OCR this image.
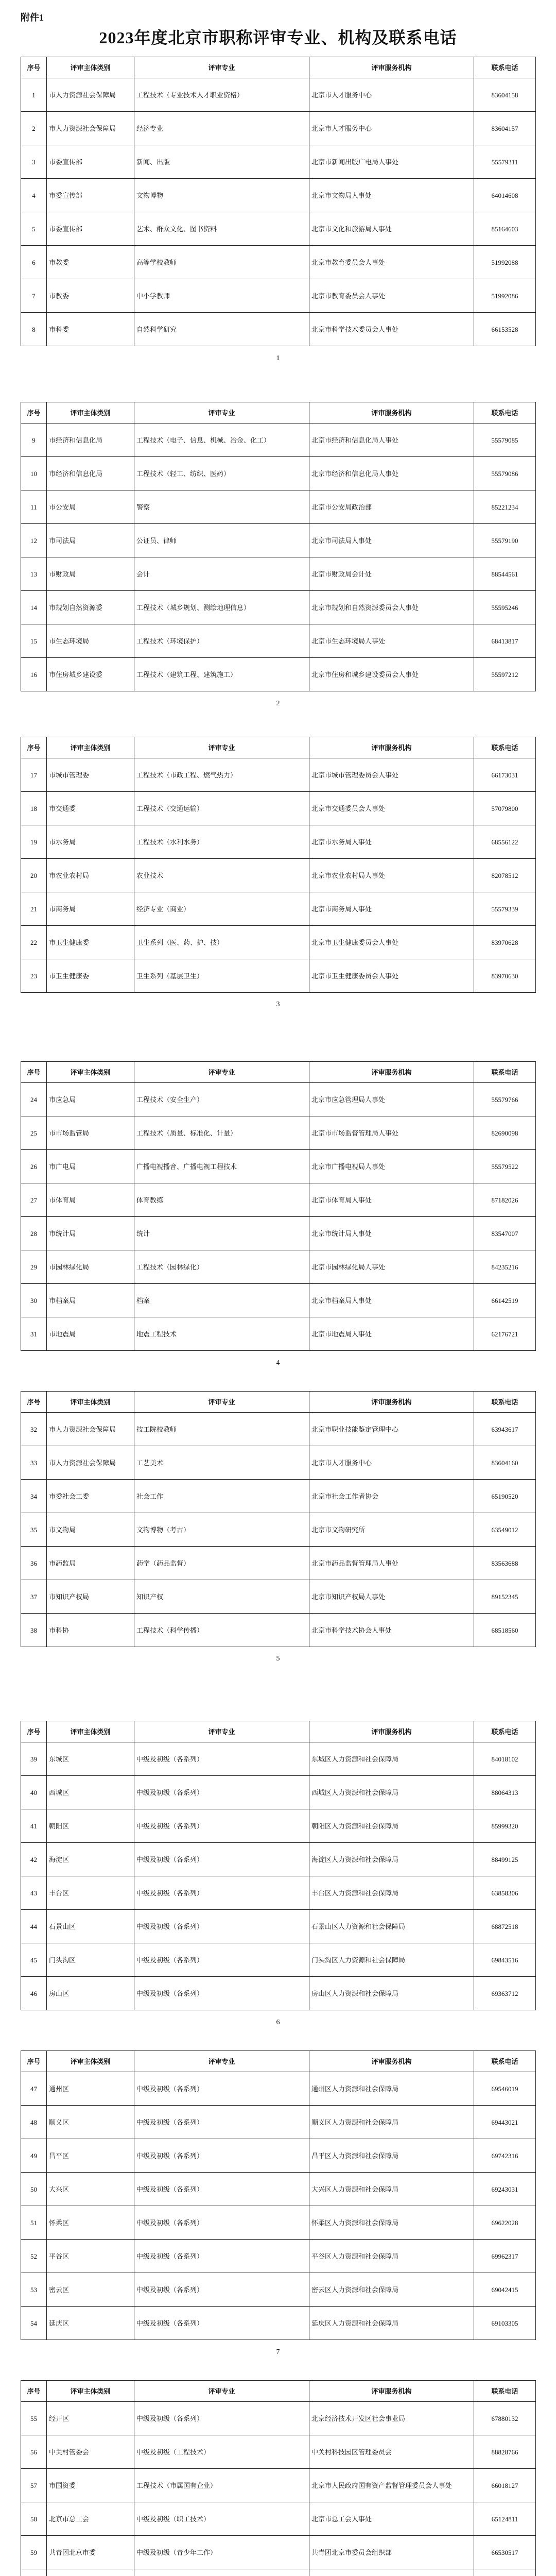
附件1
2023年度北京市职称评审专业、机构及联系电话
序号	评审主体类别	评审专业	评审服务机构	联系电话
1	市人力资源社会保障局	工程技术（专业技术人才职业资格）	北京市人才服务中心	83604158
2	市人力资源社会保障局	经济专业	北京市人才服务中心	83604157
3	市委宣传部	新闻、出版	北京市新闻出版广电局人事处	55579311
4	市委宣传部	文物博物	北京市文物局人事处	64014608
5	市委宣传部	艺术、群众文化、图书资料	北京市文化和旅游局人事处	85164603
6	市教委	高等学校教师	北京市教育委员会人事处	51992088
7	市教委	中小学教师	北京市教育委员会人事处	51992086
8	市科委	自然科学研究	北京市科学技术委员会人事处	66153528
1
序号	评审主体类别	评审专业	评审服务机构	联系电话
9	市经济和信息化局	工程技术（电子、信息、机械、冶金、化工）	北京市经济和信息化局人事处	55579085
10	市经济和信息化局	工程技术（轻工、纺织、医药）	北京市经济和信息化局人事处	55579086
11	市公安局	警察	北京市公安局政治部	85221234
12	市司法局	公证员、律师	北京市司法局人事处	55579190
13	市财政局	会计	北京市财政局会计处	88544561
14	市规划自然资源委	工程技术（城乡规划、测绘地理信息）	北京市规划和自然资源委员会人事处	55595246
15	市生态环境局	工程技术（环境保护）	北京市生态环境局人事处	68413817
16	市住房城乡建设委	工程技术（建筑工程、建筑施工）	北京市住房和城乡建设委员会人事处	55597212
2
序号	评审主体类别	评审专业	评审服务机构	联系电话
17	市城市管理委	工程技术（市政工程、燃气热力）	北京市城市管理委员会人事处	66173031
18	市交通委	工程技术（交通运输）	北京市交通委员会人事处	57079800
19	市水务局	工程技术（水利水务）	北京市水务局人事处	68556122
20	市农业农村局	农业技术	北京市农业农村局人事处	82078512
21	市商务局	经济专业（商业）	北京市商务局人事处	55579339
22	市卫生健康委	卫生系列（医、药、护、技）	北京市卫生健康委员会人事处	83970628
23	市卫生健康委	卫生系列（基层卫生）	北京市卫生健康委员会人事处	83970630
3
序号	评审主体类别	评审专业	评审服务机构	联系电话
24	市应急局	工程技术（安全生产）	北京市应急管理局人事处	55579766
25	市市场监管局	工程技术（质量、标准化、计量）	北京市市场监督管理局人事处	82690098
26	市广电局	广播电视播音、广播电视工程技术	北京市广播电视局人事处	55579522
27	市体育局	体育教练	北京市体育局人事处	87182026
28	市统计局	统计	北京市统计局人事处	83547007
29	市园林绿化局	工程技术（园林绿化）	北京市园林绿化局人事处	84235216
30	市档案局	档案	北京市档案局人事处	66142519
31	市地震局	地震工程技术	北京市地震局人事处	62176721
4
序号	评审主体类别	评审专业	评审服务机构	联系电话
32	市人力资源社会保障局	技工院校教师	北京市职业技能鉴定管理中心	63943617
33	市人力资源社会保障局	工艺美术	北京市人才服务中心	83604160
34	市委社会工委	社会工作	北京市社会工作者协会	65190520
35	市文物局	文物博物（考古）	北京市文物研究所	63549012
36	市药监局	药学（药品监督）	北京市药品监督管理局人事处	83563688
37	市知识产权局	知识产权	北京市知识产权局人事处	89152345
38	市科协	工程技术（科学传播）	北京市科学技术协会人事处	68518560
5
序号	评审主体类别	评审专业	评审服务机构	联系电话
39	东城区	中级及初级（各系列）	东城区人力资源和社会保障局	84018102
40	西城区	中级及初级（各系列）	西城区人力资源和社会保障局	88064313
41	朝阳区	中级及初级（各系列）	朝阳区人力资源和社会保障局	85999320
42	海淀区	中级及初级（各系列）	海淀区人力资源和社会保障局	88499125
43	丰台区	中级及初级（各系列）	丰台区人力资源和社会保障局	63858306
44	石景山区	中级及初级（各系列）	石景山区人力资源和社会保障局	68872518
45	门头沟区	中级及初级（各系列）	门头沟区人力资源和社会保障局	69843516
46	房山区	中级及初级（各系列）	房山区人力资源和社会保障局	69363712
6
序号	评审主体类别	评审专业	评审服务机构	联系电话
47	通州区	中级及初级（各系列）	通州区人力资源和社会保障局	69546019
48	顺义区	中级及初级（各系列）	顺义区人力资源和社会保障局	69443021
49	昌平区	中级及初级（各系列）	昌平区人力资源和社会保障局	69742316
50	大兴区	中级及初级（各系列）	大兴区人力资源和社会保障局	69243031
51	怀柔区	中级及初级（各系列）	怀柔区人力资源和社会保障局	69622028
52	平谷区	中级及初级（各系列）	平谷区人力资源和社会保障局	69962317
53	密云区	中级及初级（各系列）	密云区人力资源和社会保障局	69042415
54	延庆区	中级及初级（各系列）	延庆区人力资源和社会保障局	69103305
7
序号	评审主体类别	评审专业	评审服务机构	联系电话
55	经开区	中级及初级（各系列）	北京经济技术开发区社会事业局	67880132
56	中关村管委会	中级及初级（工程技术）	中关村科技园区管理委员会	88828766
57	市国资委	工程技术（市属国有企业）	北京市人民政府国有资产监督管理委员会人事处	66018127
58	北京市总工会	中级及初级（职工技术）	北京市总工会人事处	65124811
59	共青团北京市委	中级及初级（青少年工作）	共青团北京市委员会组织部	66530517
